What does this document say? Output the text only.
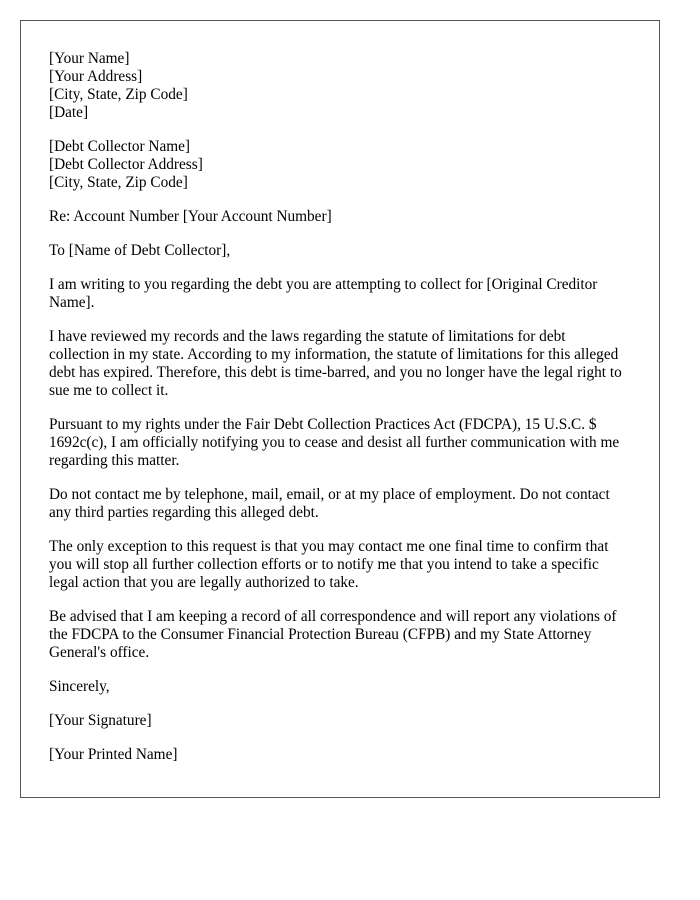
[Your Name]
[Your Address]
[City, State, Zip Code]
[Date]
[Debt Collector Name]
[Debt Collector Address]
[City, State, Zip Code]

Re: Account Number [Your Account Number]

To [Name of Debt Collector],

I am writing to you regarding the debt you are attempting to collect for [Original Creditor Name].

I have reviewed my records and the laws regarding the statute of limitations for debt collection in my state. According to my information, the statute of limitations for this alleged debt has expired. Therefore, this debt is time-barred, and you no longer have the legal right to sue me to collect it.

Pursuant to my rights under the Fair Debt Collection Practices Act (FDCPA), 15 U.S.C. $ 1692c(c), I am officially notifying you to cease and desist all further communication with me regarding this matter.

Do not contact me by telephone, mail, email, or at my place of employment. Do not contact any third parties regarding this alleged debt.

The only exception to this request is that you may contact me one final time to confirm that you will stop all further collection efforts or to notify me that you intend to take a specific legal action that you are legally authorized to take.

Be advised that I am keeping a record of all correspondence and will report any violations of the FDCPA to the Consumer Financial Protection Bureau (CFPB) and my State Attorney General's office.

Sincerely,

[Your Signature]

[Your Printed Name]
